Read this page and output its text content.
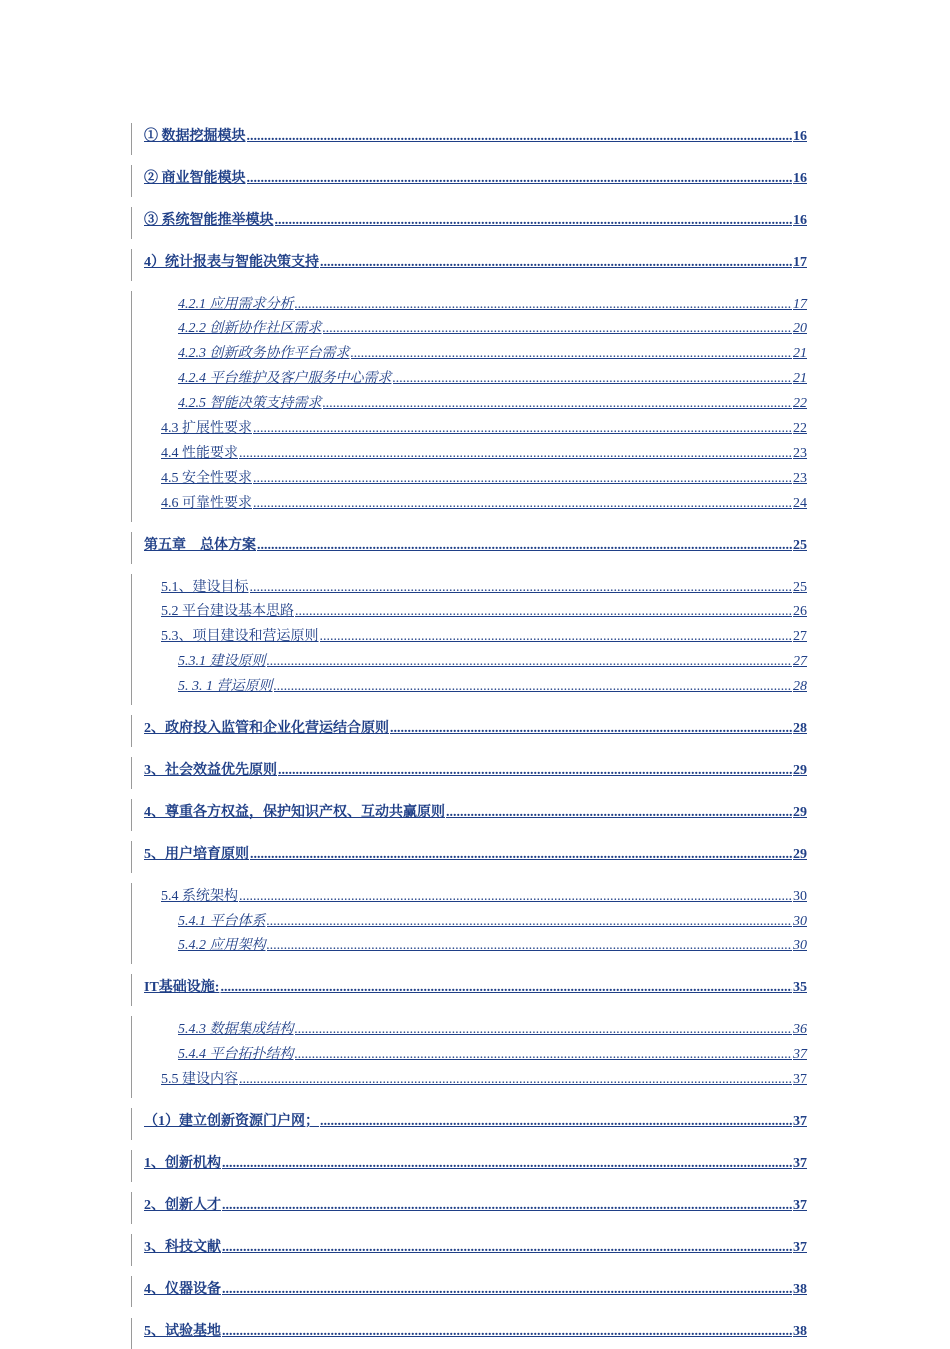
① 数据挖掘模块 .....	16
② 商业智能模块 .....	16
③ 系统智能推举模块 .....	16
4）统计报表与智能决策支持 .....	17
4.2.1 应用需求分析 .....	17
4.2.2 创新协作社区需求 .....	20
4.2.3 创新政务协作平台需求 .....	21
4.2.4 平台维护及客户服务中心需求 .....	21
4.2.5 智能决策支持需求 .....	22
4.3 扩展性要求 .....	22
4.4 性能要求 .....	23
4.5 安全性要求 .....	23
4.6 可靠性要求 .....	24
第五章　总体方案 .....	25
5.1、建设目标 .....	25
5.2 平台建设基本思路 .....	26
5.3、项目建设和营运原则 .....	27
5.3.1 建设原则 .....	27
5. 3. 1 营运原则 .....	28
2、政府投入监管和企业化营运结合原则 .....	28
3、社会效益优先原则 .....	29
4、尊重各方权益，保护知识产权、互动共赢原则 .....	29
5、用户培育原则 .....	29
5.4 系统架构 .....	30
5.4.1 平台体系 .....	30
5.4.2 应用架构 .....	30
IT基础设施: .....	35
5.4.3 数据集成结构 .....	36
5.4.4 平台拓扑结构 .....	37
5.5 建设内容 .....	37
（1）建立创新资源门户网； .....	37
1、创新机构 .....	37
2、创新人才 .....	37
3、科技文献 .....	37
4、仪器设备 .....	38
5、试验基地 .....	38
